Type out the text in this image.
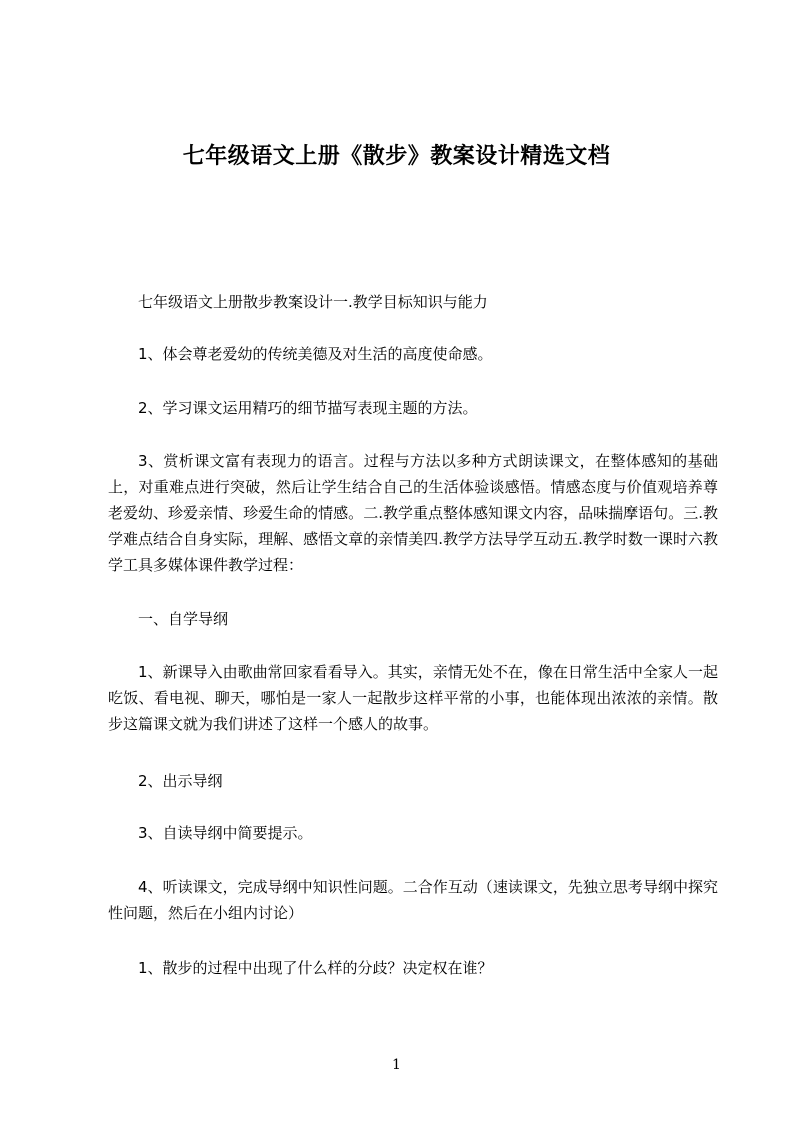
七年级语文上册《散步》教案设计精选文档

七年级语文上册散步教案设计一.教学目标知识与能力

1、体会尊老爱幼的传统美德及对生活的高度使命感。

2、学习课文运用精巧的细节描写表现主题的方法。

3、赏析课文富有表现力的语言。过程与方法以多种方式朗读课文，在整体感知的基础上，对重难点进行突破，然后让学生结合自己的生活体验谈感悟。情感态度与价值观培养尊老爱幼、珍爱亲情、珍爱生命的情感。二.教学重点整体感知课文内容，品味揣摩语句。三.教学难点结合自身实际，理解、感悟文章的亲情美四.教学方法导学互动五.教学时数一课时六教学工具多媒体课件教学过程：

一、自学导纲

1、新课导入由歌曲常回家看看导入。其实，亲情无处不在，像在日常生活中全家人一起吃饭、看电视、聊天，哪怕是一家人一起散步这样平常的小事，也能体现出浓浓的亲情。散步这篇课文就为我们讲述了这样一个感人的故事。

2、出示导纲

3、自读导纲中简要提示。

4、听读课文，完成导纲中知识性问题。二合作互动（速读课文，先独立思考导纲中探究性问题，然后在小组内讨论）

1、散步的过程中出现了什么样的分歧？决定权在谁？

1
